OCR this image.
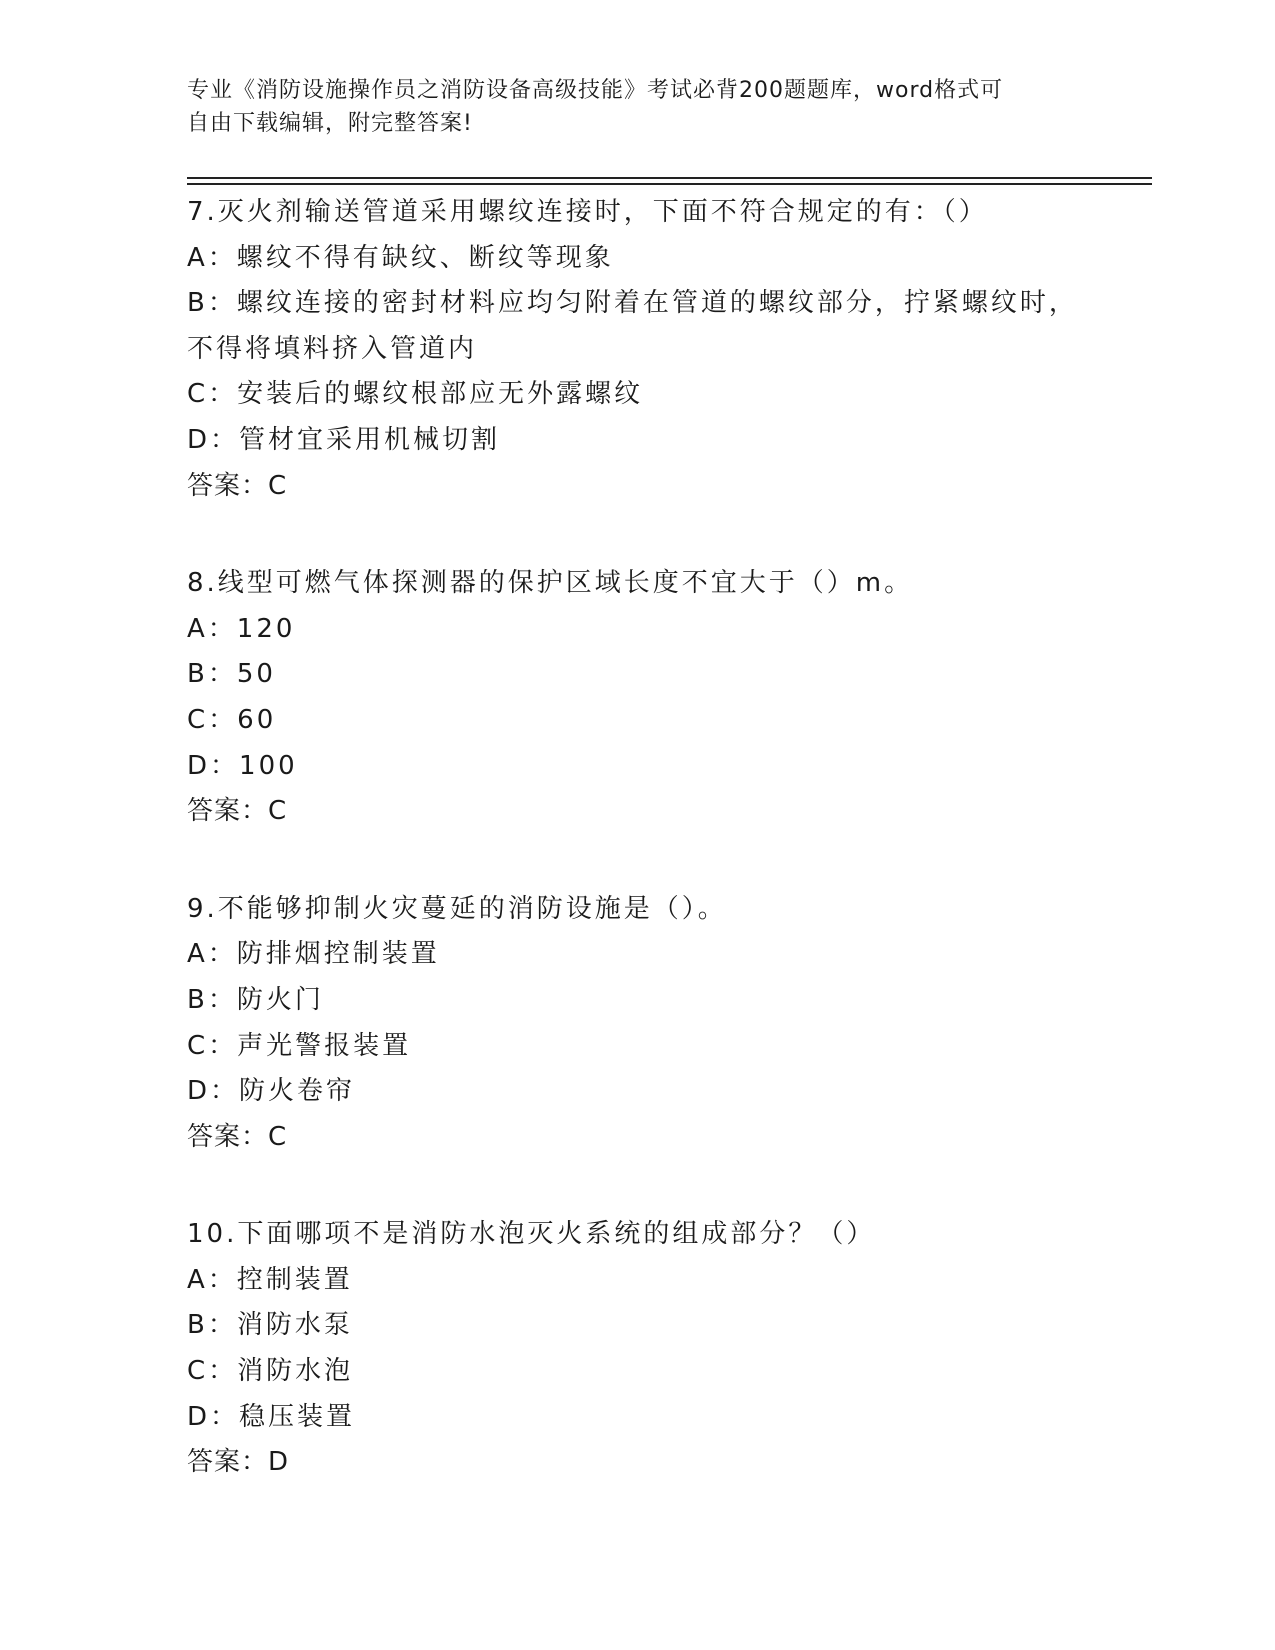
专业《消防设施操作员之消防设备高级技能》考试必背200题题库，word格式可
自由下载编辑，附完整答案!
7.灭火剂输送管道采用螺纹连接时，下面不符合规定的有：（）
A：螺纹不得有缺纹、断纹等现象
B：螺纹连接的密封材料应均匀附着在管道的螺纹部分，拧紧螺纹时，
不得将填料挤入管道内
C：安装后的螺纹根部应无外露螺纹
D：管材宜采用机械切割
答案：C
8.线型可燃气体探测器的保护区域长度不宜大于（）m。
A：120
B：50
C：60
D：100
答案：C
9.不能够抑制火灾蔓延的消防设施是（）。
A：防排烟控制装置
B：防火门
C：声光警报装置
D：防火卷帘
答案：C
10.下面哪项不是消防水泡灭火系统的组成部分？（）
A：控制装置
B：消防水泵
C：消防水泡
D：稳压装置
答案：D
